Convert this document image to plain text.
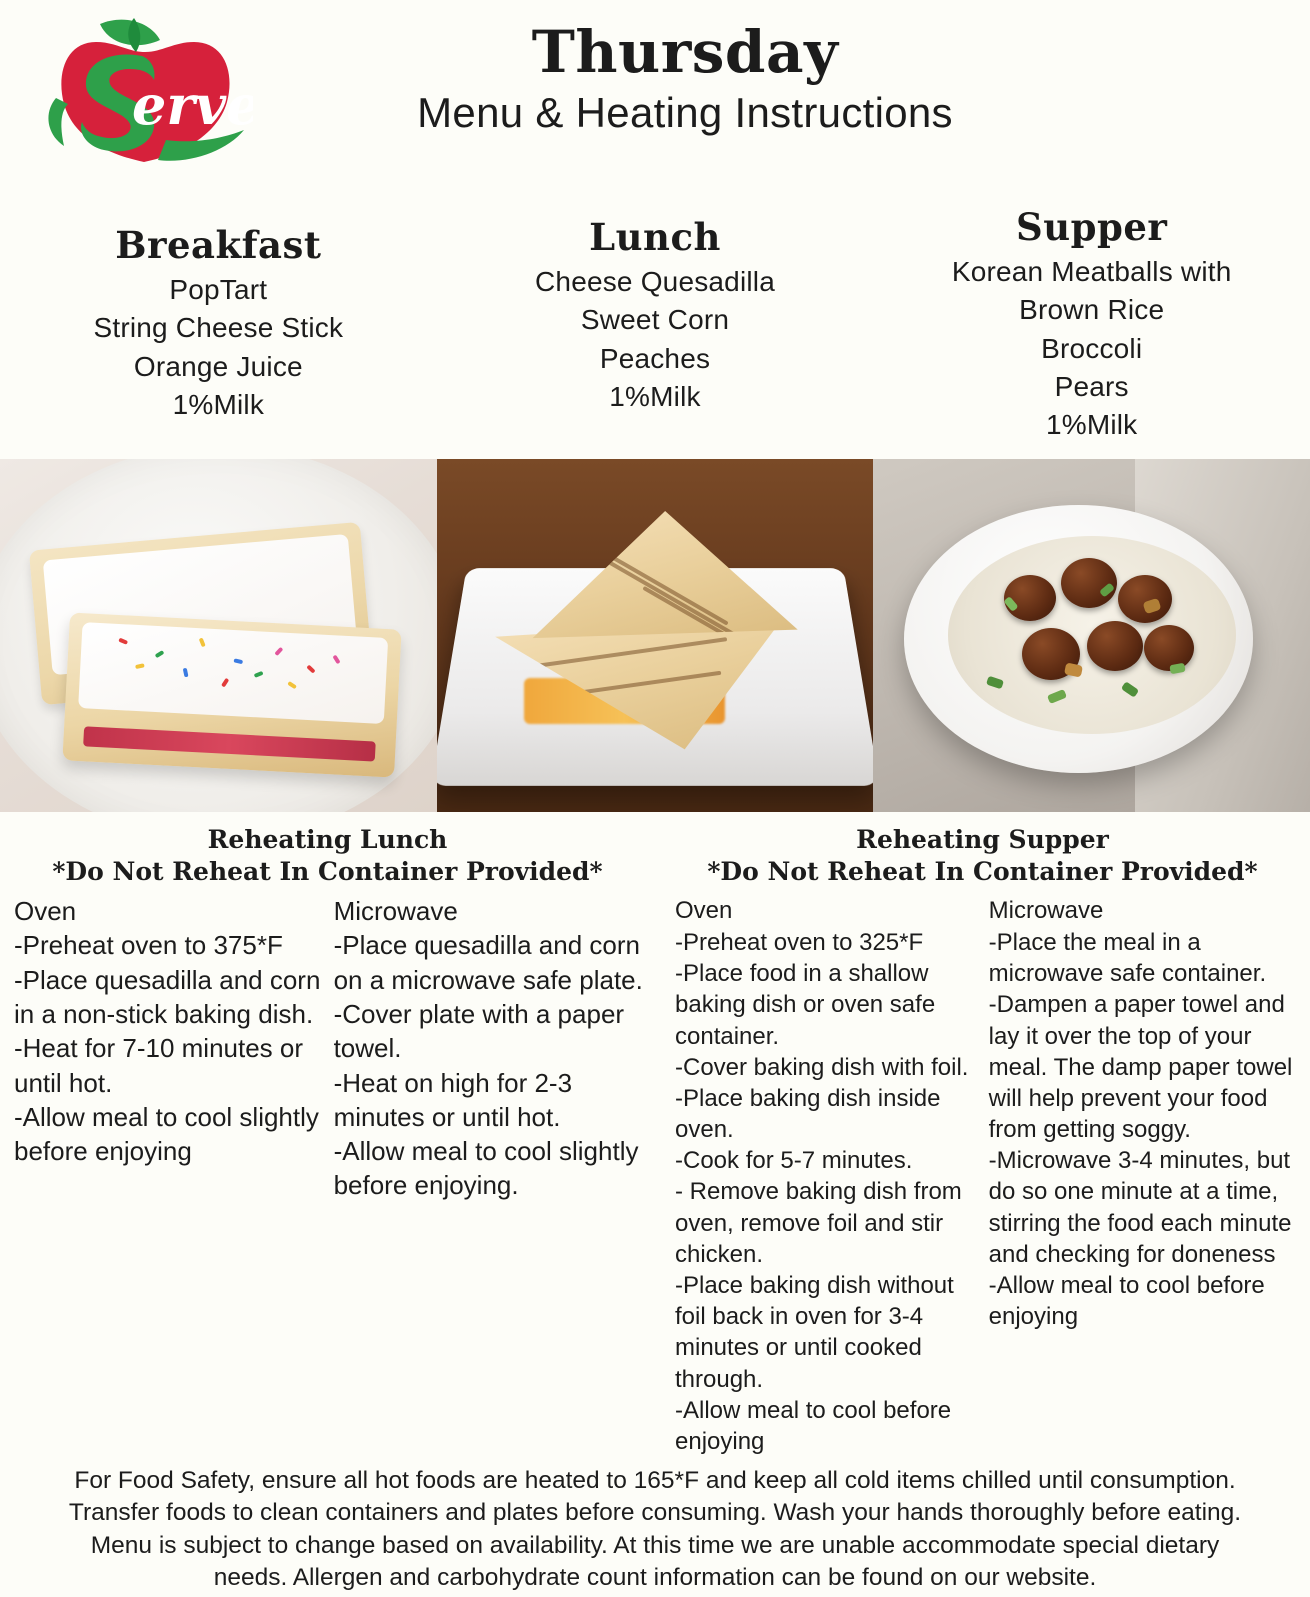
erve
Thursday
Menu & Heating Instructions
Breakfast
PopTart
String Cheese Stick
Orange Juice
1%Milk
Lunch
Cheese Quesadilla
Sweet Corn
Peaches
1%Milk
Supper
Korean Meatballs with
Brown Rice
Broccoli
Pears
1%Milk
Reheating Lunch
*Do Not Reheat In Container Provided*
Oven
-Preheat oven to 375*F
-Place quesadilla and corn in a non-stick baking dish.
-Heat for 7-10 minutes or until hot.
-Allow meal to cool slightly before enjoying
Microwave
-Place quesadilla and corn on a microwave safe plate.
-Cover plate with a paper towel.
-Heat on high for 2-3 minutes or until hot.
-Allow meal to cool slightly before enjoying.
Reheating Supper
*Do Not Reheat In Container Provided*
Oven
-Preheat oven to 325*F
-Place food in a shallow baking dish or oven safe container.
-Cover baking dish with foil.
-Place baking dish inside oven.
-Cook for 5-7 minutes.
- Remove baking dish from oven, remove foil and stir chicken.
-Place baking dish without foil back in oven for 3-4 minutes or until cooked through.
-Allow meal to cool before enjoying
Microwave
-Place the meal in a microwave safe container.
-Dampen a paper towel and lay it over the top of your meal. The damp paper towel will help prevent your food from getting soggy.
-Microwave 3-4 minutes, but do so one minute at a time, stirring the food each minute and checking for doneness
-Allow meal to cool before enjoying
For Food Safety, ensure all hot foods are heated to 165*F and keep all cold items chilled until consumption.
Transfer foods to clean containers and plates before consuming. Wash your hands thoroughly before eating.
Menu is subject to change based on availability. At this time we are unable accommodate special dietary
needs. Allergen and carbohydrate count information can be found on our website.
